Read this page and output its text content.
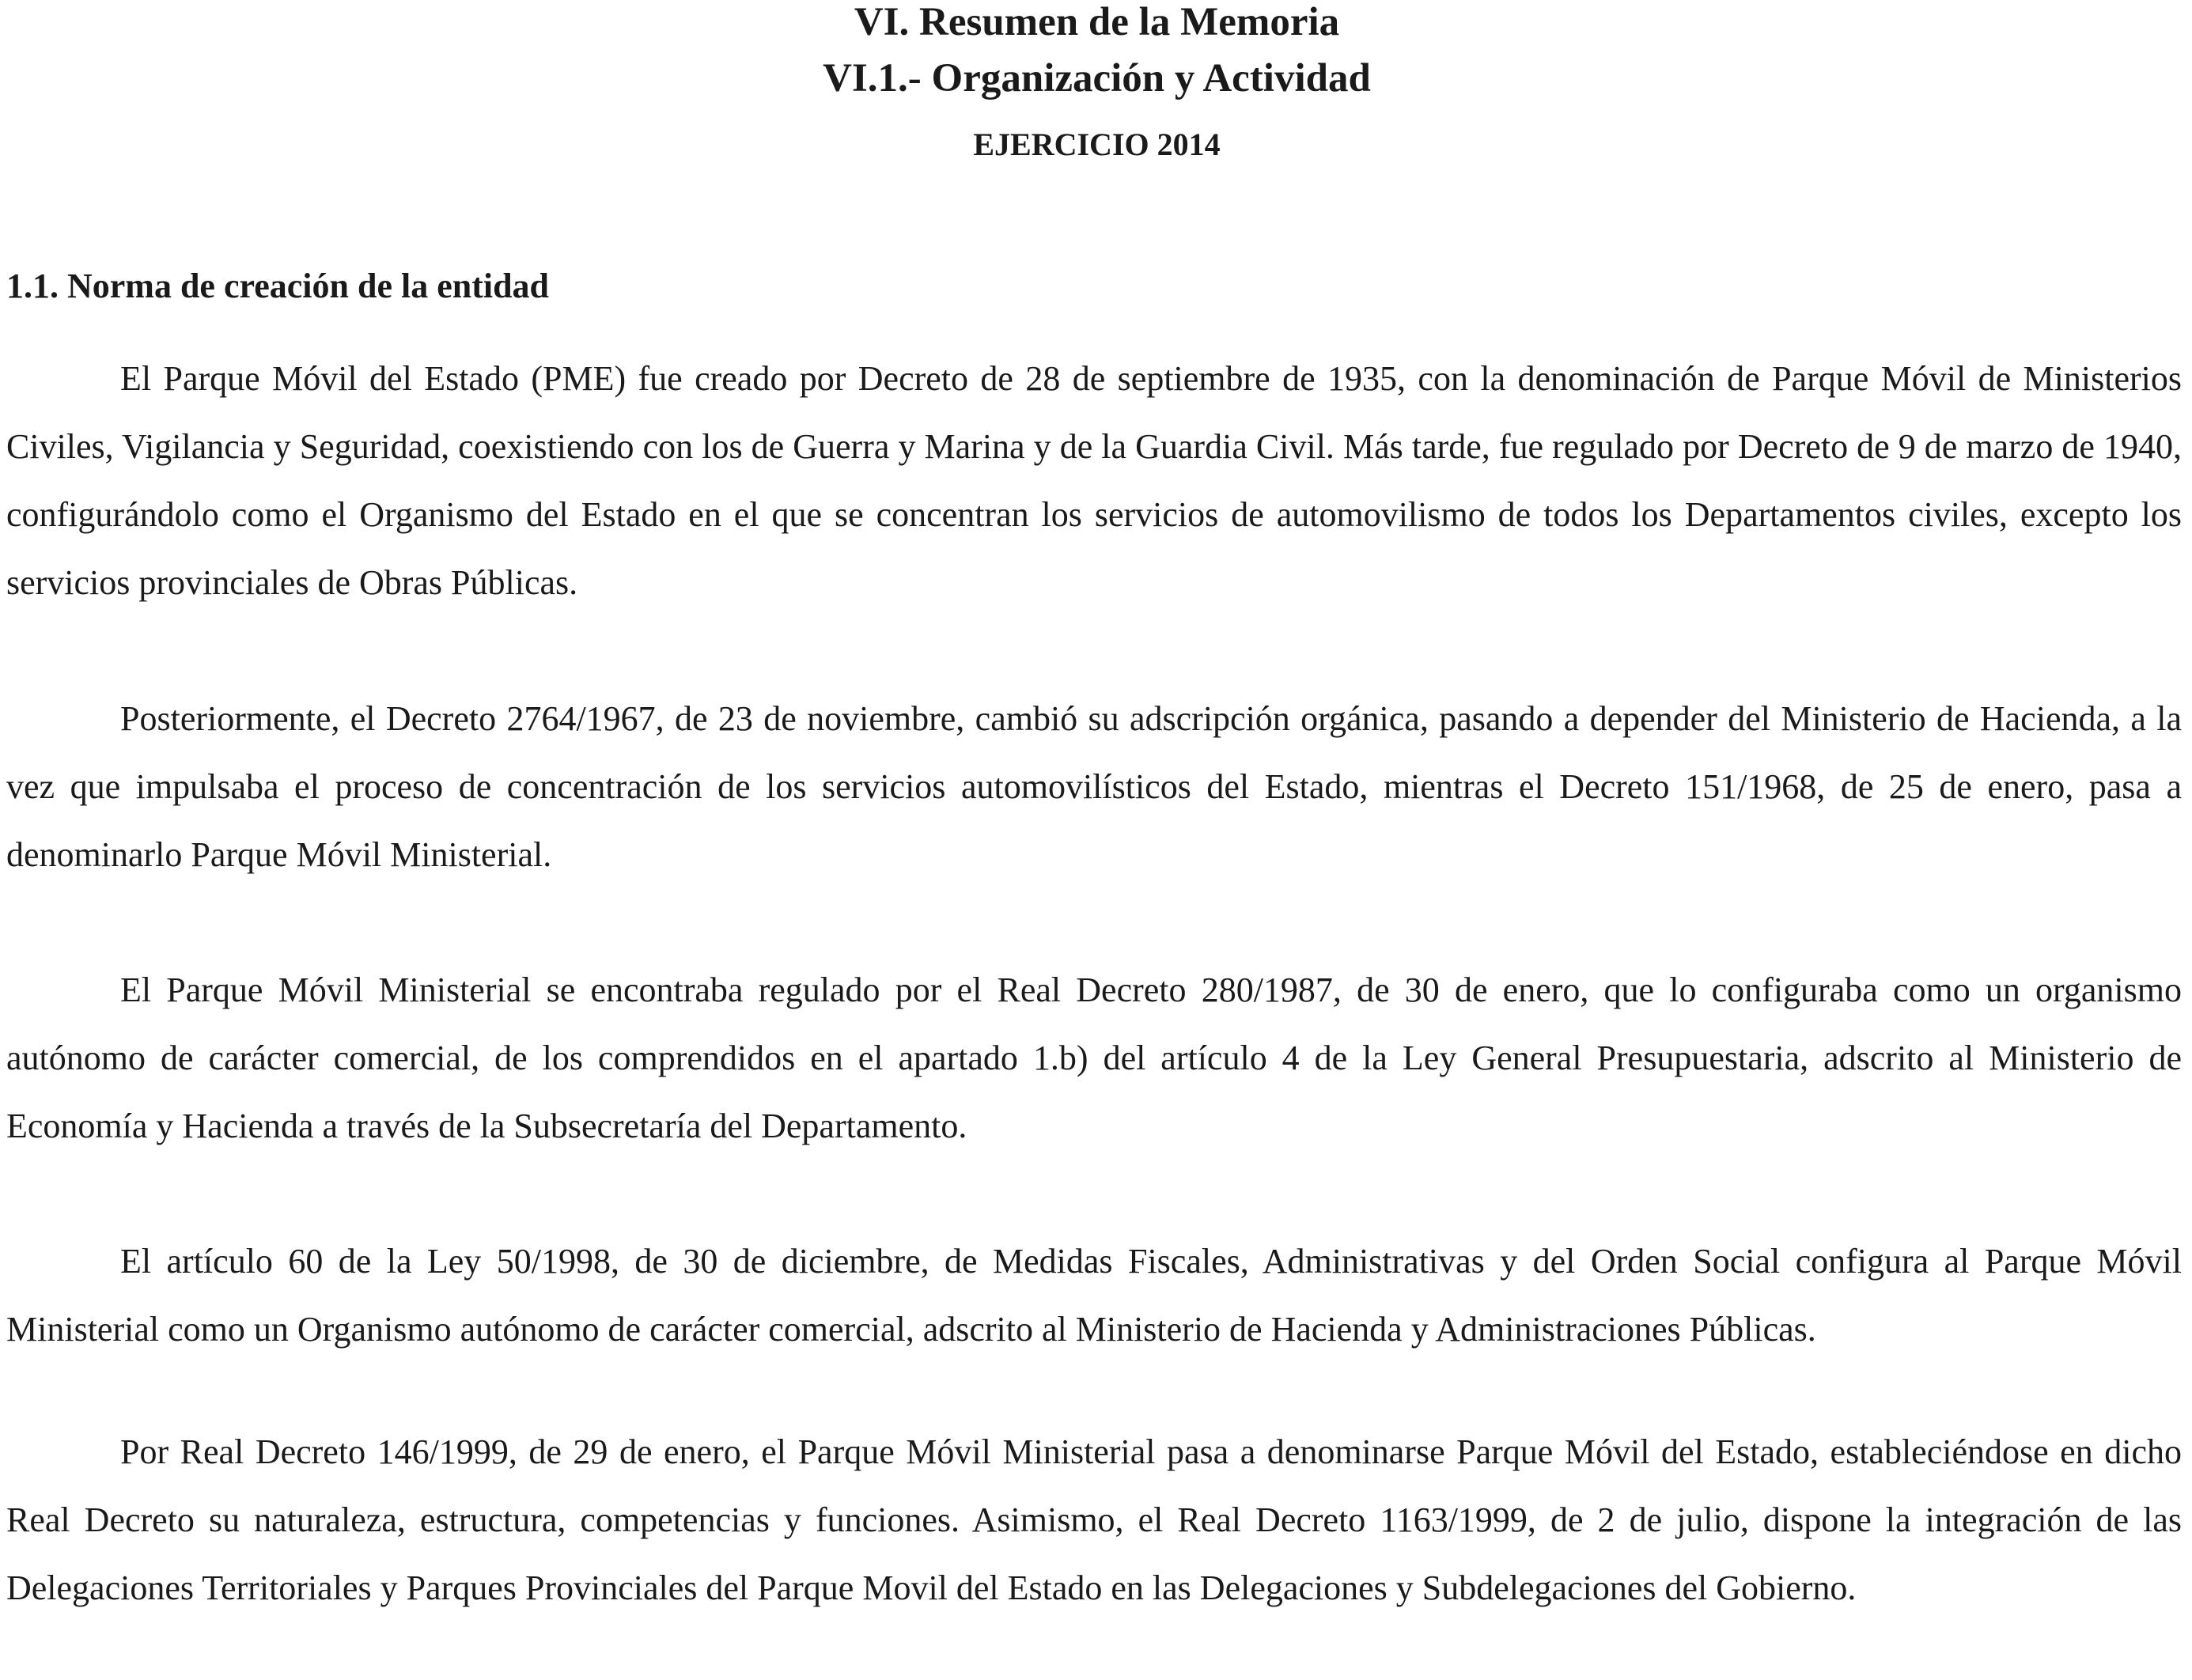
VI. Resumen de la Memoria
VI.1.- Organización y Actividad
EJERCICIO 2014
1.1. Norma de creación de la entidad

El Parque Móvil del Estado (PME) fue creado por Decreto de 28 de septiembre de 1935, con la denominación de Parque Móvil de Ministerios Civiles, Vigilancia y Seguridad, coexistiendo con los de Guerra y Marina y de la Guardia Civil. Más tarde, fue regulado por Decreto de 9 de marzo de 1940, configurándolo como el Organismo del Estado en el que se concentran los servicios de automovilismo de todos los Departamentos civiles, excepto los servicios provinciales de Obras Públicas.

Posteriormente, el Decreto 2764/1967, de 23 de noviembre, cambió su adscripción orgánica, pasando a depender del Ministerio de Hacienda, a la vez que impulsaba el proceso de concentración de los servicios automovilísticos del Estado, mientras el Decreto 151/1968, de 25 de enero, pasa a denominarlo Parque Móvil Ministerial.

El Parque Móvil Ministerial se encontraba regulado por el Real Decreto 280/1987, de 30 de enero, que lo configuraba como un organismo autónomo de carácter comercial, de los comprendidos en el apartado 1.b) del artículo 4 de la Ley General Presupuestaria, adscrito al Ministerio de Economía y Hacienda a través de la Subsecretaría del Departamento.

El artículo 60 de la Ley 50/1998, de 30 de diciembre, de Medidas Fiscales, Administrativas y del Orden Social configura al Parque Móvil Ministerial como un Organismo autónomo de carácter comercial, adscrito al Ministerio de Hacienda y Administraciones Públicas.

Por Real Decreto 146/1999, de 29 de enero, el Parque Móvil Ministerial pasa a denominarse Parque Móvil del Estado, estableciéndose en dicho Real Decreto su naturaleza, estructura, competencias y funciones. Asimismo, el Real Decreto 1163/1999, de 2 de julio, dispone la integración de las Delegaciones Territoriales y Parques Provinciales del Parque Movil del Estado en las Delegaciones y Subdelegaciones del Gobierno.
